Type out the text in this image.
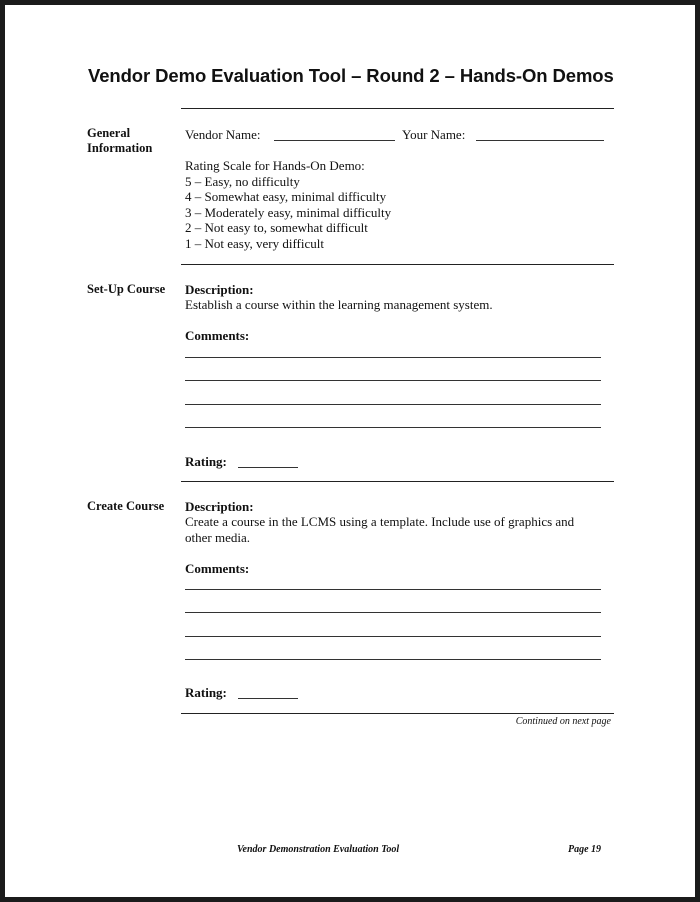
Vendor Demo Evaluation Tool – Round 2 – Hands-On Demos
General
Information
Vendor Name:	Your Name:
Rating Scale for Hands-On Demo:
5 – Easy, no difficulty
4 – Somewhat easy, minimal difficulty
3 – Moderately easy, minimal difficulty
2 – Not easy to, somewhat difficult
1 – Not easy, very difficult
Set-Up Course Description:
Establish a course within the learning management system.
Comments:
Rating:
Create Course Description:
Create a course in the LCMS using a template. Include use of graphics and
other media.
Comments:
Rating:
Continued on next page
Vendor Demonstration Evaluation Tool	Page 19
